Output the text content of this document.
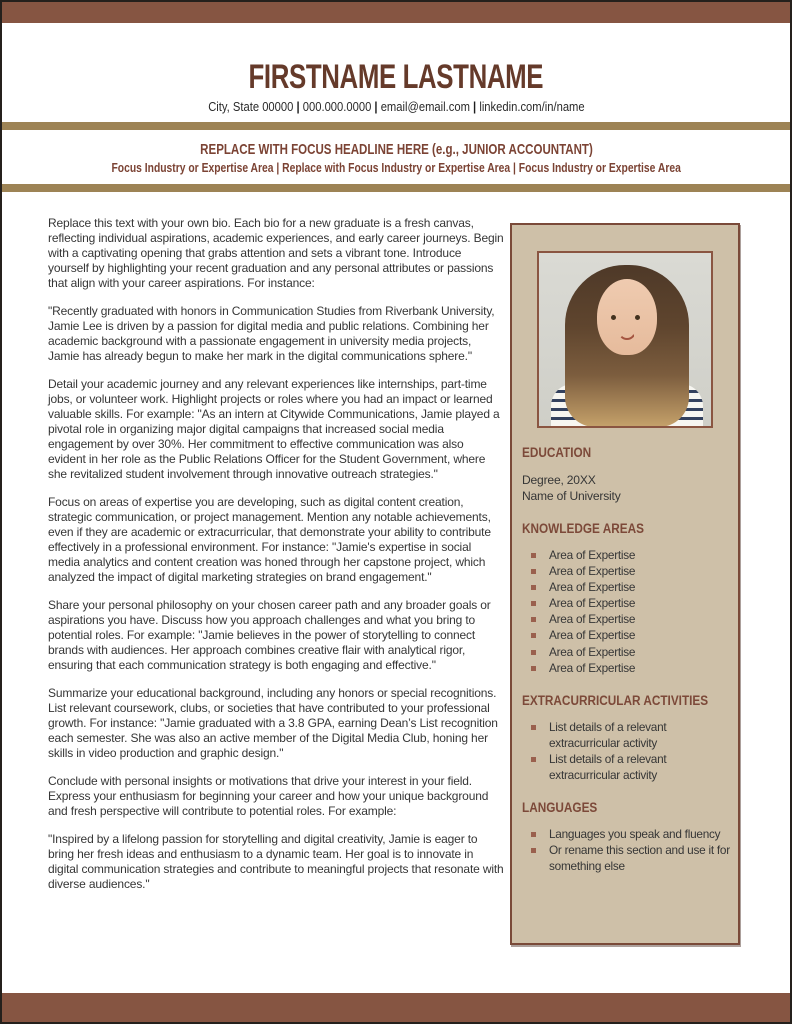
FIRSTNAME LASTNAME
City, State 00000 | 000.000.0000 | email@email.com | linkedin.com/in/name
REPLACE WITH FOCUS HEADLINE HERE (e.g., JUNIOR ACCOUNTANT)
Focus Industry or Expertise Area | Replace with Focus Industry or Expertise Area | Focus Industry or Expertise Area

Replace this text with your own bio. Each bio for a new graduate is a fresh canvas, reflecting individual aspirations, academic experiences, and early career journeys. Begin with a captivating opening that grabs attention and sets a vibrant tone. Introduce yourself by highlighting your recent graduation and any personal attributes or passions that align with your career aspirations. For instance:

"Recently graduated with honors in Communication Studies from Riverbank University, Jamie Lee is driven by a passion for digital media and public relations. Combining her academic background with a passionate engagement in university media projects, Jamie has already begun to make her mark in the digital communications sphere."

Detail your academic journey and any relevant experiences like internships, part-time jobs, or volunteer work. Highlight projects or roles where you had an impact or learned valuable skills. For example: "As an intern at Citywide Communications, Jamie played a pivotal role in organizing major digital campaigns that increased social media engagement by over 30%. Her commitment to effective communication was also evident in her role as the Public Relations Officer for the Student Government, where she revitalized student involvement through innovative outreach strategies."

Focus on areas of expertise you are developing, such as digital content creation, strategic communication, or project management. Mention any notable achievements, even if they are academic or extracurricular, that demonstrate your ability to contribute effectively in a professional environment. For instance: "Jamie's expertise in social media analytics and content creation was honed through her capstone project, which analyzed the impact of digital marketing strategies on brand engagement."

Share your personal philosophy on your chosen career path and any broader goals or aspirations you have. Discuss how you approach challenges and what you bring to potential roles. For example: "Jamie believes in the power of storytelling to connect brands with audiences. Her approach combines creative flair with analytical rigor, ensuring that each communication strategy is both engaging and effective."

Summarize your educational background, including any honors or special recognitions. List relevant coursework, clubs, or societies that have contributed to your professional growth. For instance: "Jamie graduated with a 3.8 GPA, earning Dean’s List recognition each semester. She was also an active member of the Digital Media Club, honing her skills in video production and graphic design."

Conclude with personal insights or motivations that drive your interest in your field. Express your enthusiasm for beginning your career and how your unique background and fresh perspective will contribute to potential roles. For example:

"Inspired by a lifelong passion for storytelling and digital creativity, Jamie is eager to bring her fresh ideas and enthusiasm to a dynamic team. Her goal is to innovate in digital communication strategies and contribute to meaningful projects that resonate with diverse audiences."

EDUCATION
Degree, 20XX
Name of University
KNOWLEDGE AREAS
Area of Expertise
Area of Expertise
Area of Expertise
Area of Expertise
Area of Expertise
Area of Expertise
Area of Expertise
Area of Expertise
EXTRACURRICULAR ACTIVITIES
List details of a relevant extracurricular activity
List details of a relevant extracurricular activity
LANGUAGES
Languages you speak and fluency
Or rename this section and use it for something else
